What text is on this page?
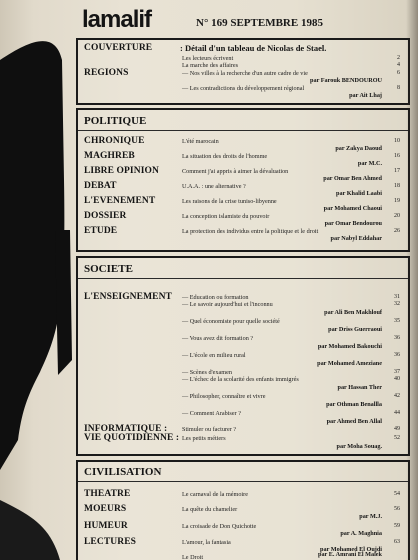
lamalif	N° 169 SEPTEMBRE 1985
COUVERTURE	: Détail d'un tableau de Nicolas de Stael.
Les lecteurs écrivent	2
La marche des affaires	4
REGIONS	— Nos villes à la recherche d'un autre cadre de vie	6
par Farouk BENDOUROU
— Les contradictions du développement régional	8
par Ait Lhaj
POLITIQUE
CHRONIQUE	L'été marocain	10
par Zakya Daoud
MAGHREB	La situation des droits de l'homme	16
par M.C.
LIBRE OPINION	Comment j'ai appris à aimer la dévaluation	17
par Omar Ben Ahmed
DEBAT	U.A.A. : une alternative ?	18
par Khalid Laabi
L'EVENEMENT	Les raisons de la crise tuniso-libyenne	19
par Mohamed Chaoui
DOSSIER	La conception islamiste du pouvoir	20
par Omar Bendourou
ETUDE	La protection des individus entre la politique et le droit	26
par Nabyl Eddahar
SOCIETE
L'ENSEIGNEMENT — Education ou formation	31
— Le savoir aujourd'hui et l'inconnu	32
par Ali Ben Makhlouf
— Quel économiste pour quelle société	35
par Driss Guerraoui
— Vous avez dit formation ?	36
par Mohamed Bakouchi
— L'école en milieu rural	36
par Mohamed Ameziane
— Scènes d'examen	37
— L'échec de la scolarité des enfants immigrés	40
par Hassan Ther
— Philosopher, connaître et vivre	42
par Othman Benallla
— Comment Arabiser ?	44
par Ahmed Ben Allal
INFORMATIQUE : Stimuler ou facturer ?	49
VIE QUOTIDIENNE : Les petits métiers	52
par Moha Souag.
CIVILISATION
THEATRE	Le carnaval de la mémoire	54
MOEURS	La quête du chamelier	56
par M.J.
HUMEUR	La croisade de Don Quichotte	59
par A. Maghnia
LECTURES	L'amour, la fantasia	63
par Mohamed El Oujdi
Le Droit	par E. Amrani El Malek
